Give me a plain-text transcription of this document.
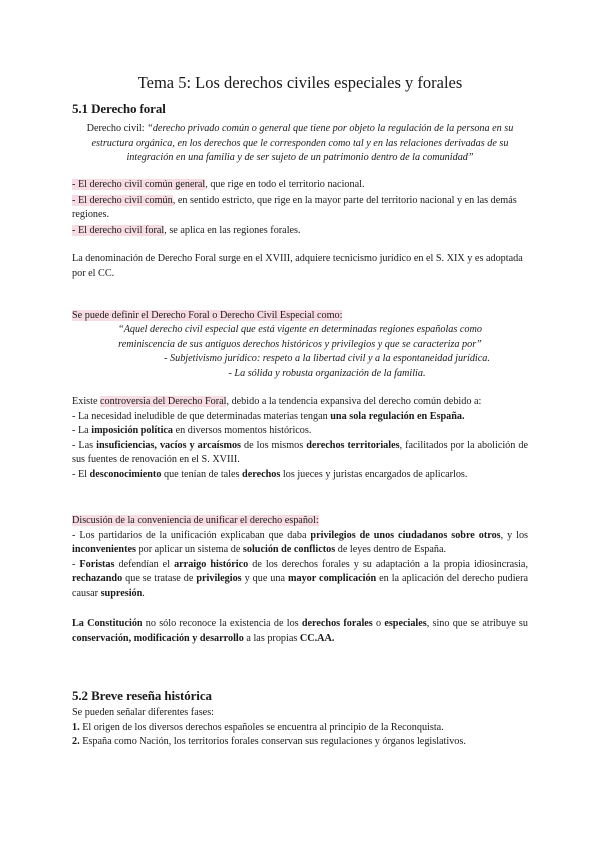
Tema 5: Los derechos civiles especiales y forales
5.1 Derecho foral

Derecho civil: “derecho privado común o general que tiene por objeto la regulación de la persona en su estructura orgánica, en los derechos que le corresponden como tal y en las relaciones derivadas de su integración en una familia y de ser sujeto de un patrimonio dentro de la comunidad”

- El derecho civil común general, que rige en todo el territorio nacional.

- El derecho civil común, en sentido estricto, que rige en la mayor parte del territorio nacional y en las demás regiones.

- El derecho civil foral, se aplica en las regiones forales.

La denominación de Derecho Foral surge en el XVIII, adquiere tecnicismo jurídico en el S. XIX y es adoptada por el CC.

Se puede definir el Derecho Foral o Derecho Civil Especial como:

“Aquel derecho civil especial que está vigente en determinadas regiones españolas como reminiscencia de sus antiguos derechos históricos y privilegios y que se caracteriza por”

- Subjetivismo jurídico: respeto a la libertad civil y a la espontaneidad jurídica.

- La sólida y robusta organización de la familia.

Existe controversia del Derecho Foral, debido a la tendencia expansiva del derecho común debido a:

- La necesidad ineludible de que determinadas materias tengan una sola regulación en España.

- La imposición política en diversos momentos históricos.

- Las insuficiencias, vacíos y arcaísmos de los mismos derechos territoriales, facilitados por la abolición de sus fuentes de renovación en el S. XVIII.

- El desconocimiento que tenían de tales derechos los jueces y juristas encargados de aplicarlos.

Discusión de la conveniencia de unificar el derecho español:

- Los partidarios de la unificación explicaban que daba privilegios de unos ciudadanos sobre otros, y los inconvenientes por aplicar un sistema de solución de conflictos de leyes dentro de España.

- Foristas defendían el arraigo histórico de los derechos forales y su adaptación a la propia idiosincrasia, rechazando que se tratase de privilegios y que una mayor complicación en la aplicación del derecho pudiera causar supresión.

La Constitución no sólo reconoce la existencia de los derechos forales o especiales, sino que se atribuye su conservación, modificación y desarrollo a las propias CC.AA.

5.2 Breve reseña histórica

Se pueden señalar diferentes fases:

1. El origen de los diversos derechos españoles se encuentra al principio de la Reconquista.

2. España como Nación, los territorios forales conservan sus regulaciones y órganos legislativos.
